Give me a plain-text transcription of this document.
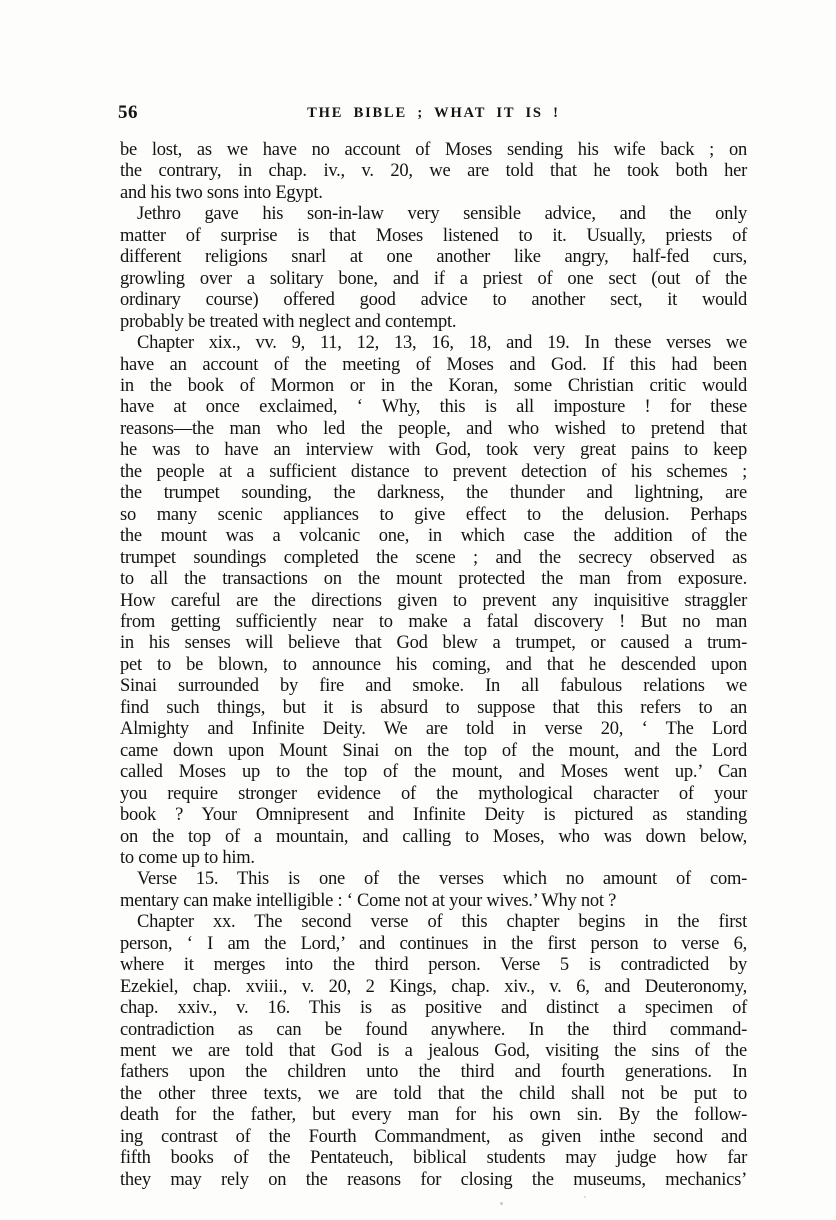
56	THE BIBLE ; WHAT IT IS !
be lost, as we have no account of Moses sending his wife back ; on
the contrary, in chap. iv., v. 20, we are told that he took both her
and his two sons into Egypt.
Jethro gave his son-in-law very sensible advice, and the only
matter of surprise is that Moses listened to it. Usually, priests of
different religions snarl at one another like angry, half-fed curs,
growling over a solitary bone, and if a priest of one sect (out of the
ordinary course) offered good advice to another sect, it would
probably be treated with neglect and contempt.
Chapter xix., vv. 9, 11, 12, 13, 16, 18, and 19. In these verses we
have an account of the meeting of Moses and God. If this had been
in the book of Mormon or in the Koran, some Christian critic would
have at once exclaimed, ‘ Why, this is all imposture ! for these
reasons—the man who led the people, and who wished to pretend that
he was to have an interview with God, took very great pains to keep
the people at a sufficient distance to prevent detection of his schemes ;
the trumpet sounding, the darkness, the thunder and lightning, are
so many scenic appliances to give effect to the delusion. Perhaps
the mount was a volcanic one, in which case the addition of the
trumpet soundings completed the scene ; and the secrecy observed as
to all the transactions on the mount protected the man from exposure.
How careful are the directions given to prevent any inquisitive straggler
from getting sufficiently near to make a fatal discovery ! But no man
in his senses will believe that God blew a trumpet, or caused a trum-
pet to be blown, to announce his coming, and that he descended upon
Sinai surrounded by fire and smoke. In all fabulous relations we
find such things, but it is absurd to suppose that this refers to an
Almighty and Infinite Deity. We are told in verse 20, ‘ The Lord
came down upon Mount Sinai on the top of the mount, and the Lord
called Moses up to the top of the mount, and Moses went up.’ Can
you require stronger evidence of the mythological character of your
book ? Your Omnipresent and Infinite Deity is pictured as standing
on the top of a mountain, and calling to Moses, who was down below,
to come up to him.
Verse 15. This is one of the verses which no amount of com-
mentary can make intelligible : ‘ Come not at your wives.’ Why not ?
Chapter xx. The second verse of this chapter begins in the first
person, ‘ I am the Lord,’ and continues in the first person to verse 6,
where it merges into the third person. Verse 5 is contradicted by
Ezekiel, chap. xviii., v. 20, 2 Kings, chap. xiv., v. 6, and Deuteronomy,
chap. xxiv., v. 16. This is as positive and distinct a specimen of
contradiction as can be found anywhere. In the third command-
ment we are told that God is a jealous God, visiting the sins of the
fathers upon the children unto the third and fourth generations. In
the other three texts, we are told that the child shall not be put to
death for the father, but every man for his own sin. By the follow-
ing contrast of the Fourth Commandment, as given inthe second and
fifth books of the Pentateuch, biblical students may judge how far
they may rely on the reasons for closing the museums, mechanics’
